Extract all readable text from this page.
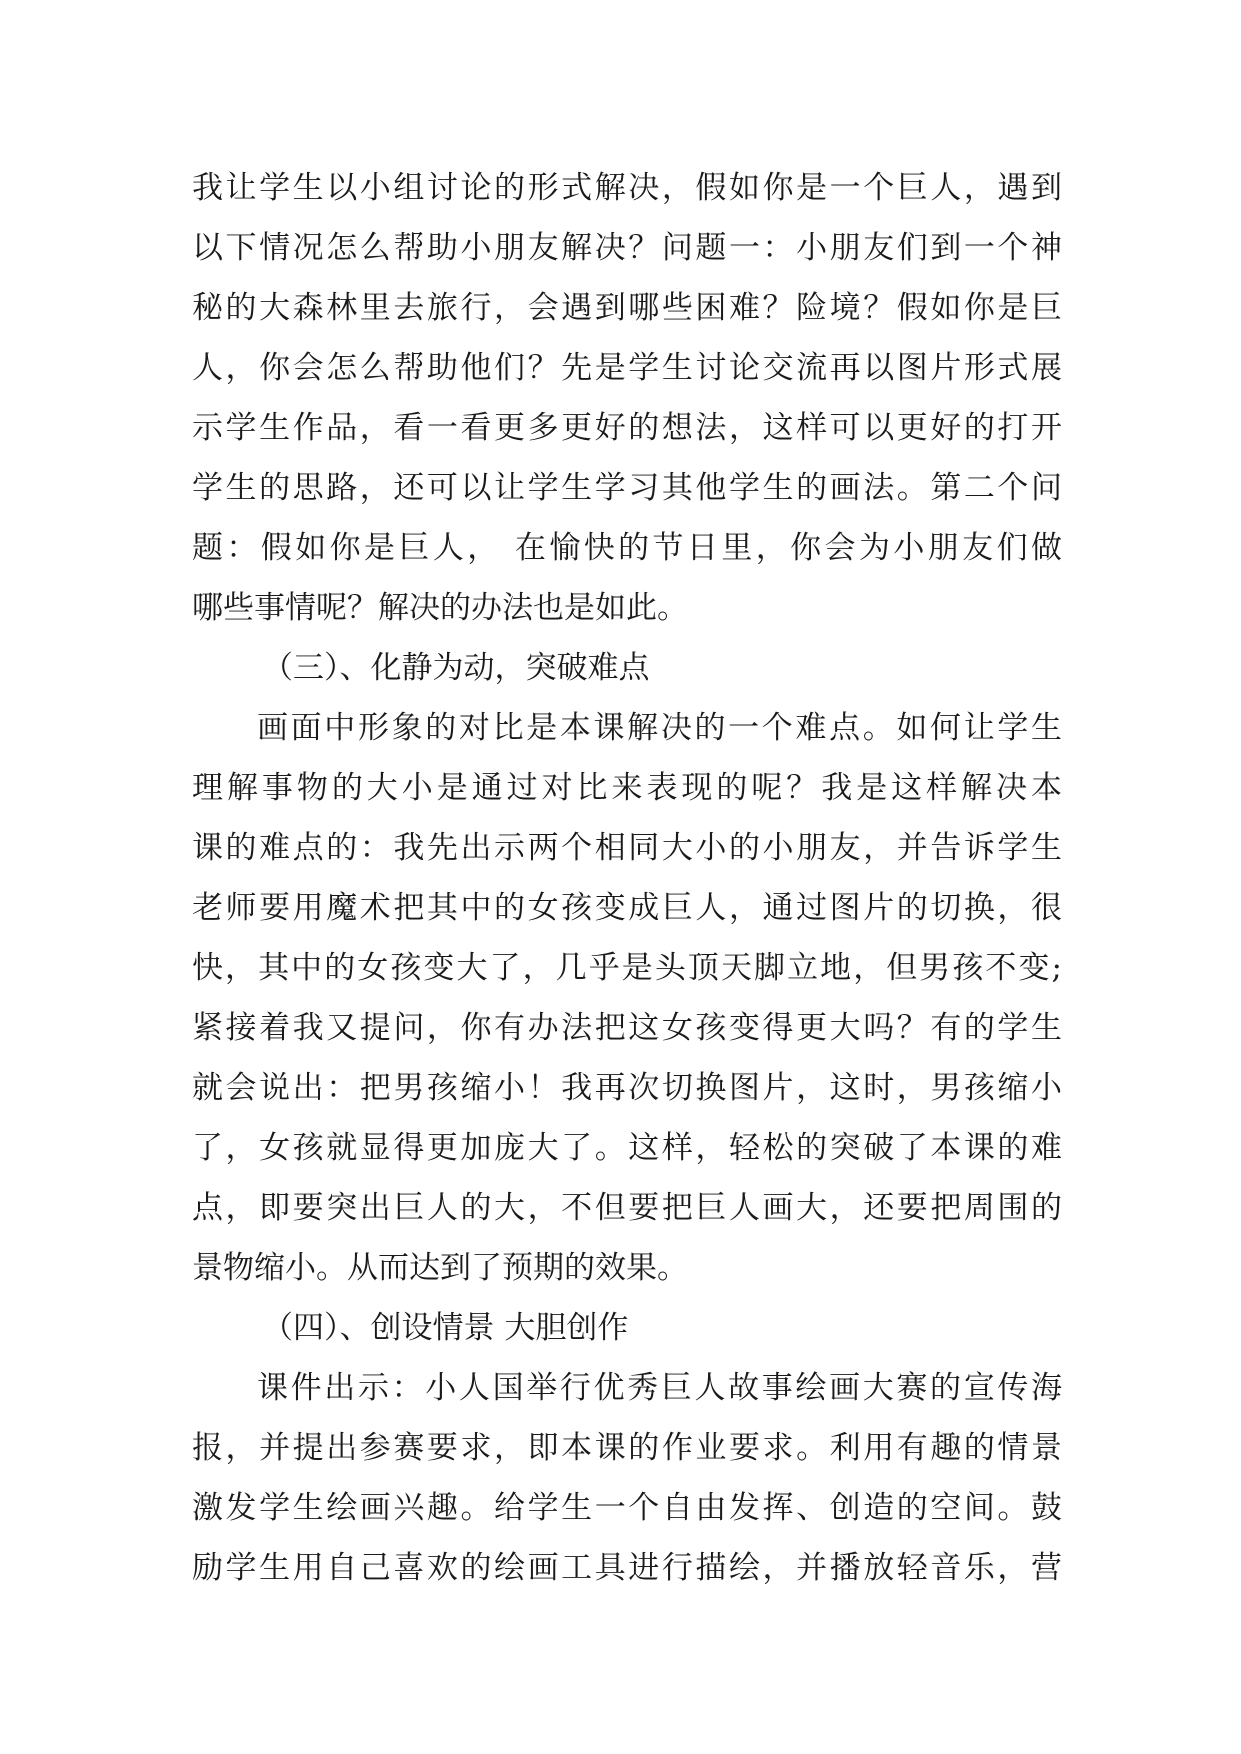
我让学生以小组讨论的形式解决，假如你是一个巨人，遇到
以下情况怎么帮助小朋友解决？问题一：小朋友们到一个神
秘的大森林里去旅行，会遇到哪些困难？险境？假如你是巨
人，你会怎么帮助他们？先是学生讨论交流再以图片形式展
示学生作品，看一看更多更好的想法，这样可以更好的打开
学生的思路，还可以让学生学习其他学生的画法。第二个问
题：假如你是巨人， 在愉快的节日里，你会为小朋友们做
哪些事情呢？解决的办法也是如此。
（三）、化静为动，突破难点
画面中形象的对比是本课解决的一个难点。如何让学生
理解事物的大小是通过对比来表现的呢？我是这样解决本
课的难点的：我先出示两个相同大小的小朋友，并告诉学生
老师要用魔术把其中的女孩变成巨人，通过图片的切换，很
快，其中的女孩变大了，几乎是头顶天脚立地，但男孩不变;
紧接着我又提问，你有办法把这女孩变得更大吗？有的学生
就会说出：把男孩缩小！我再次切换图片，这时，男孩缩小
了，女孩就显得更加庞大了。这样，轻松的突破了本课的难
点，即要突出巨人的大，不但要把巨人画大，还要把周围的
景物缩小。从而达到了预期的效果。
（四）、创设情景 大胆创作
课件出示：小人国举行优秀巨人故事绘画大赛的宣传海
报，并提出参赛要求，即本课的作业要求。利用有趣的情景
激发学生绘画兴趣。给学生一个自由发挥、创造的空间。鼓
励学生用自己喜欢的绘画工具进行描绘，并播放轻音乐，营
